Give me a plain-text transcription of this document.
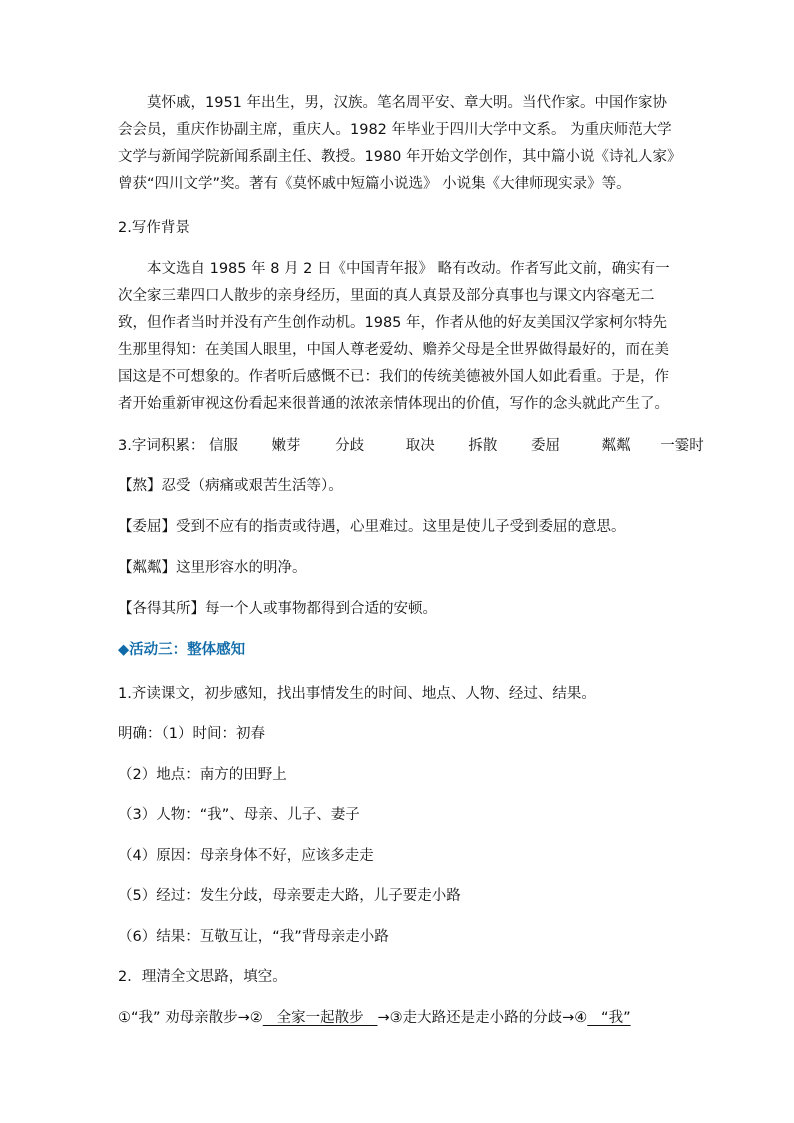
莫怀戚，1951 年出生，男，汉族。笔名周平安、章大明。当代作家。中国作家协会会员，重庆作协副主席，重庆人。1982 年毕业于四川大学中文系。 为重庆师范大学文学与新闻学院新闻系副主任、教授。1980 年开始文学创作，其中篇小说《诗礼人家》曾获“四川文学”奖。著有《莫怀戚中短篇小说选》 小说集《大律师现实录》等。

2.写作背景

本文选自 1985 年 8 月 2 日《中国青年报》 略有改动。作者写此文前，确实有一次全家三辈四口人散步的亲身经历，里面的真人真景及部分真事也与课文内容毫无二致，但作者当时并没有产生创作动机。1985 年，作者从他的好友美国汉学家柯尔特先生那里得知：在美国人眼里，中国人尊老爱幼、赡养父母是全世界做得最好的，而在美国这是不可想象的。作者听后感慨不已：我们的传统美德被外国人如此看重。于是，作者开始重新审视这份看起来很普通的浓浓亲情体现出的价值，写作的念头就此产生了。

3.字词积累： 信服 嫩芽 分歧	取决 拆散 委屈	粼粼 一霎时

【熬】忍受（病痛或艰苦生活等）。

【委屈】受到不应有的指责或待遇，心里难过。这里是使儿子受到委屈的意思。

【粼粼】这里形容水的明净。

【各得其所】每一个人或事物都得到合适的安顿。

◆活动三：整体感知

1.齐读课文，初步感知，找出事情发生的时间、地点、人物、经过、结果。

明确：（1）时间：初春

（2）地点：南方的田野上

（3）人物：“我”、母亲、儿子、妻子

（4）原因：母亲身体不好，应该多走走

（5）经过：发生分歧，母亲要走大路，儿子要走小路

（6）结果：互敬互让，“我”背母亲走小路

2．理清全文思路，填空。

①“我” 劝母亲散步→②   全家一起散步   →③走大路还是走小路的分歧→④   “我”
